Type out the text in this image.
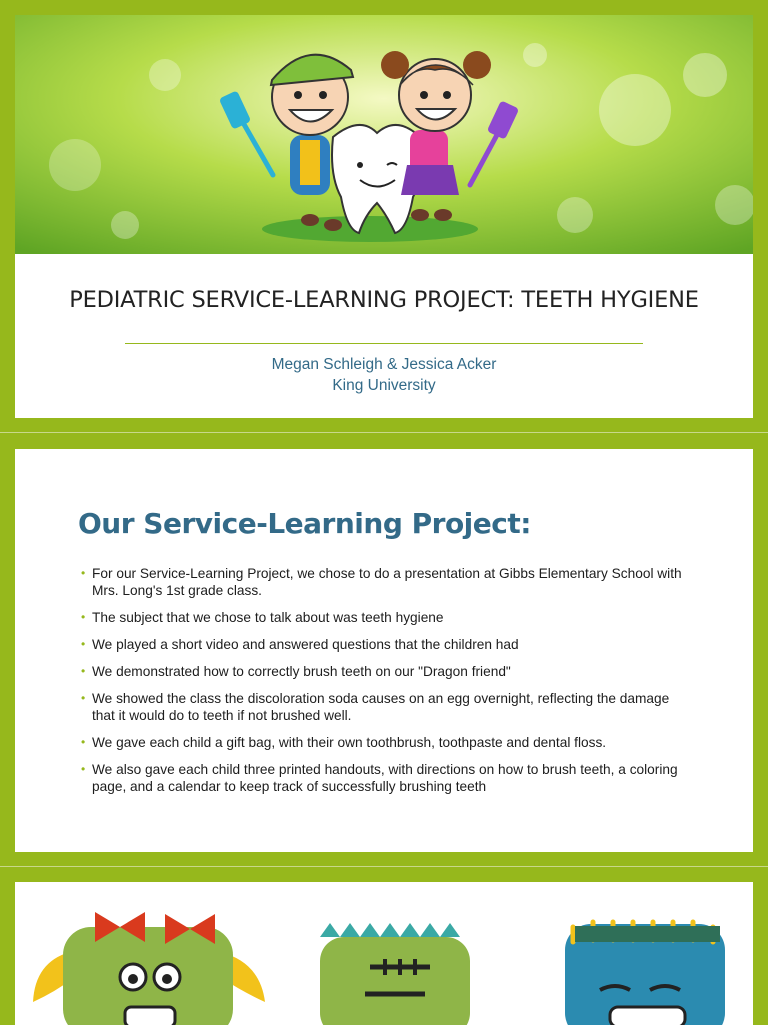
PEDIATRIC SERVICE-LEARNING PROJECT: TEETH HYGIENE
Megan Schleigh & Jessica Acker
King University
Our Service-Learning Project:
• For our Service-Learning Project, we chose to do a presentation at Gibbs Elementary School with Mrs. Long's 1st grade class.
• The subject that we chose to talk about was teeth hygiene
• We played a short video and answered questions that the children had
• We demonstrated how to correctly brush teeth on our "Dragon friend"
• We showed the class the discoloration soda causes on an egg overnight, reflecting the damage that it would do to teeth if not brushed well.
• We gave each child a gift bag, with their own toothbrush, toothpaste and dental floss.
• We also gave each child three printed handouts, with directions on how to brush teeth, a coloring page, and a calendar to keep track of successfully brushing teeth
